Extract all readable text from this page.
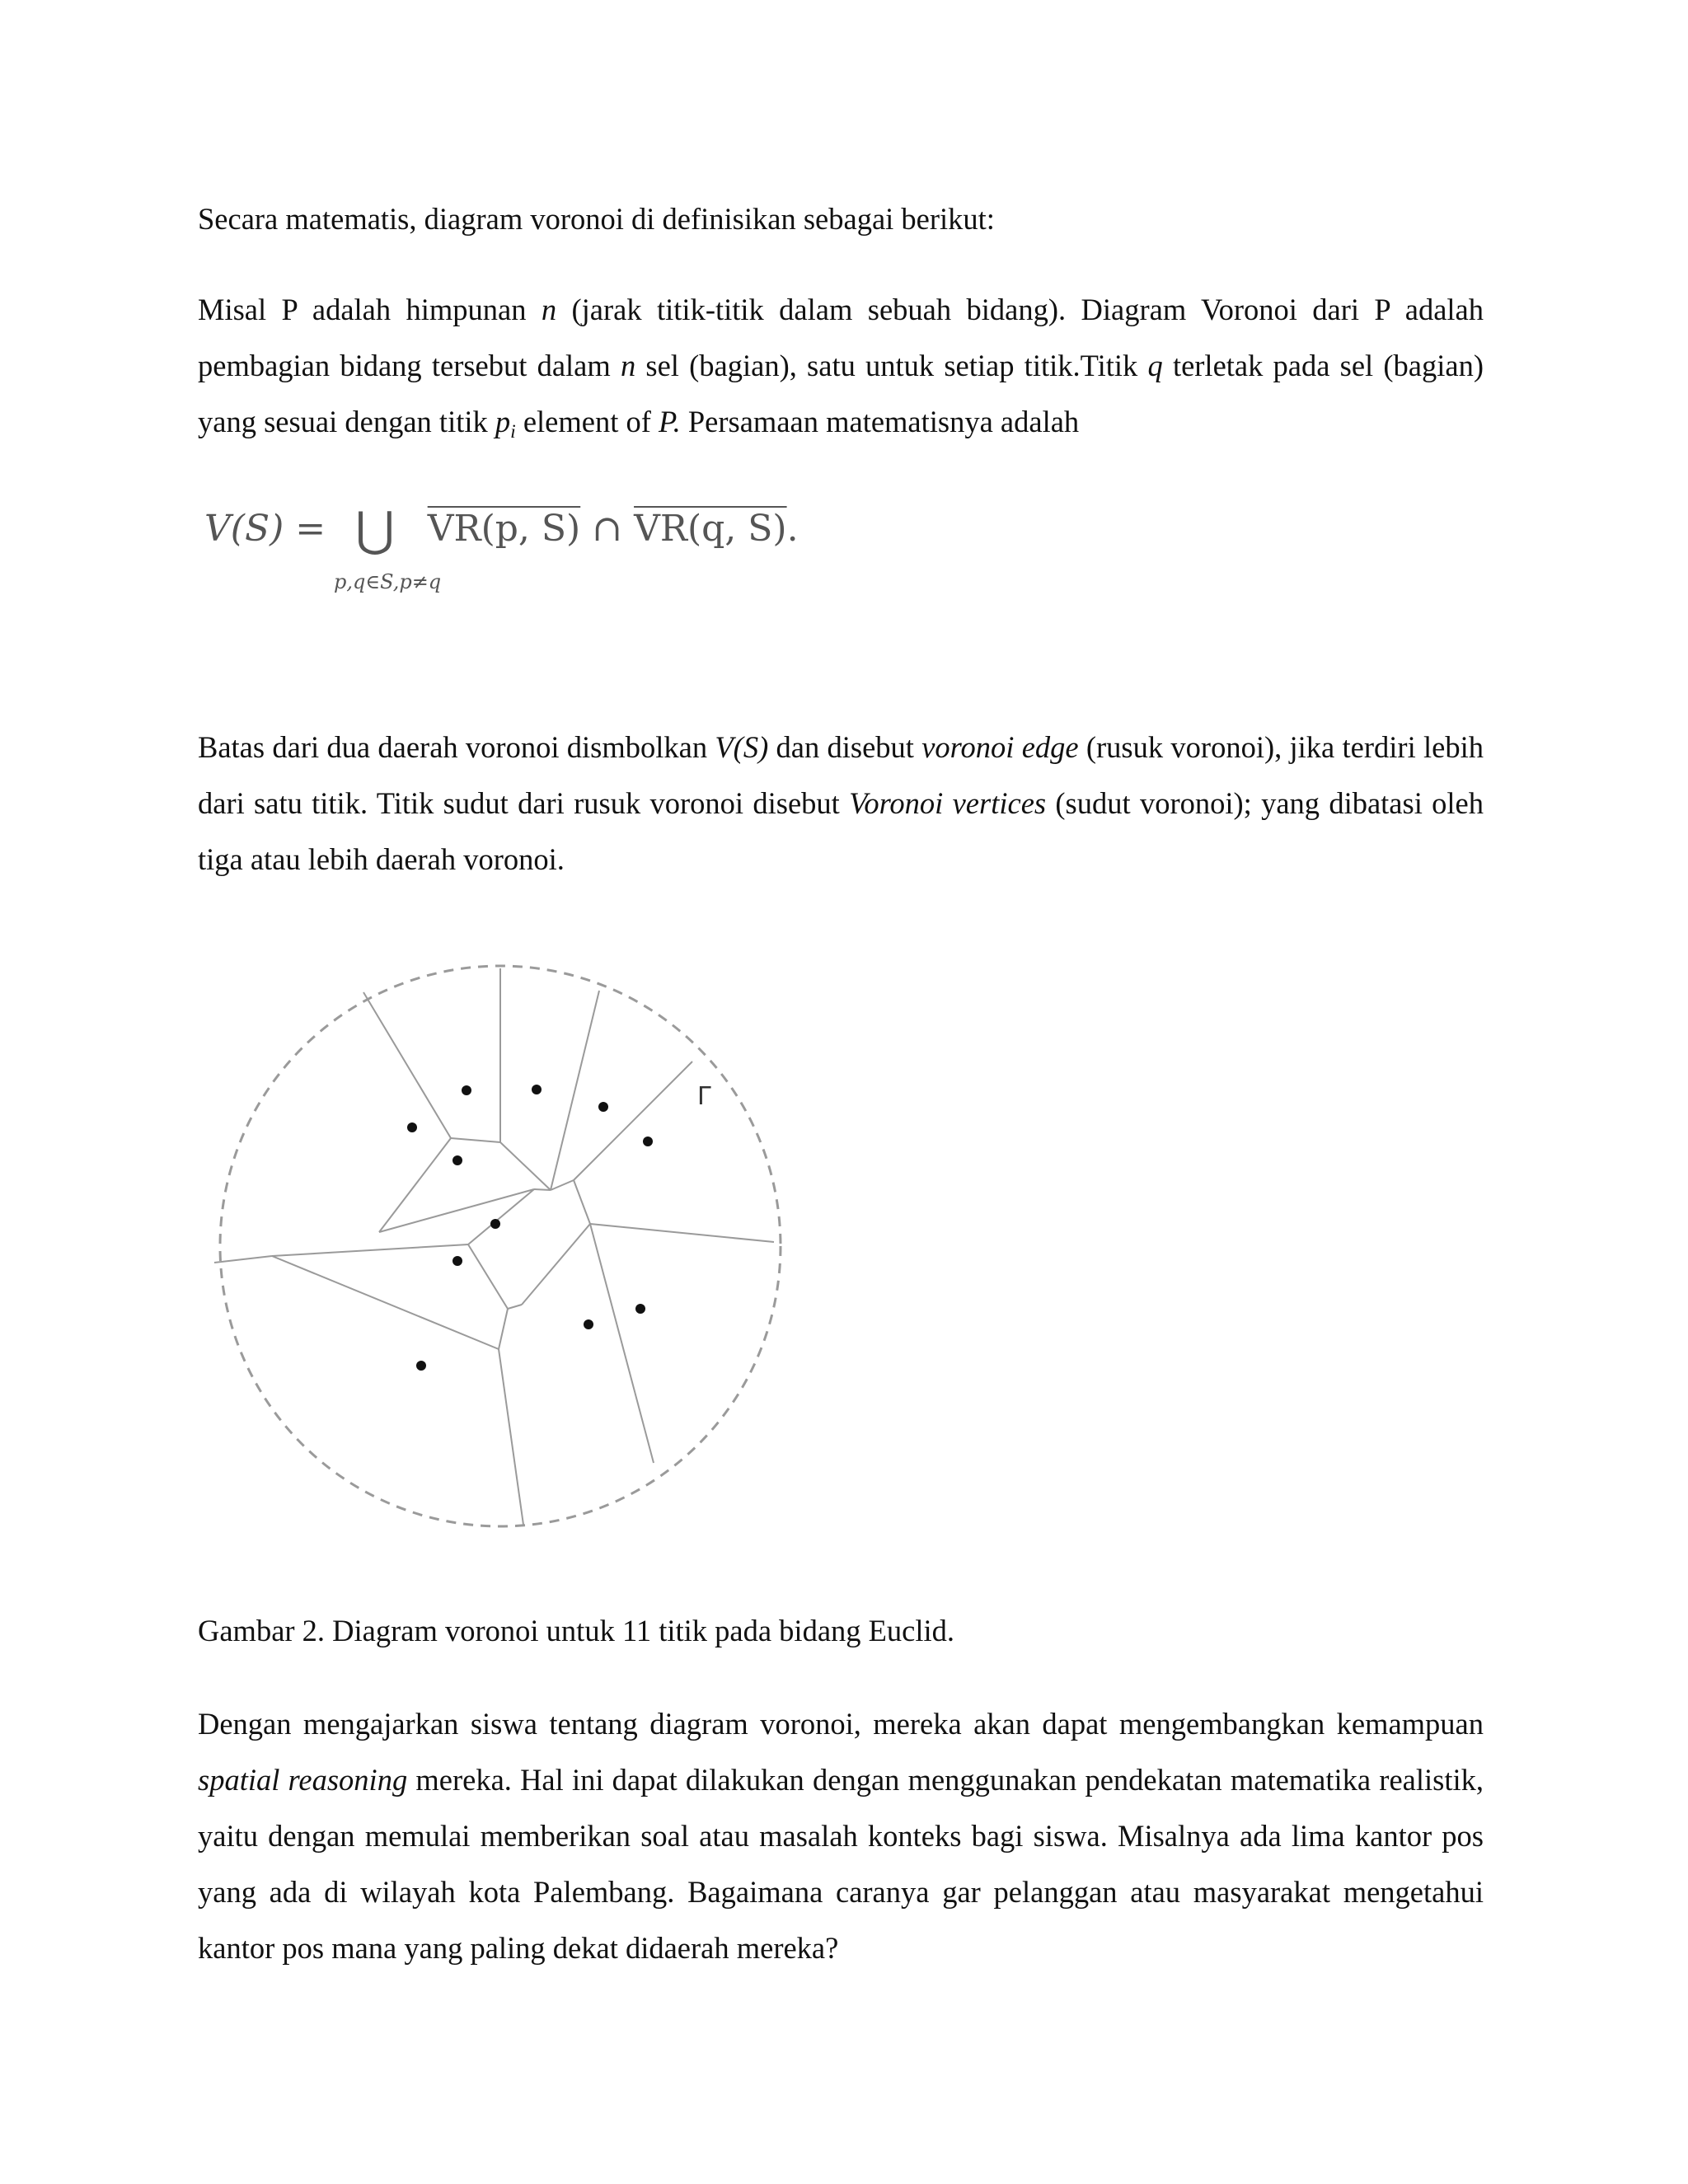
Secara matematis, diagram voronoi di definisikan sebagai berikut:

Misal P adalah himpunan n (jarak titik-titik dalam sebuah bidang). Diagram Voronoi dari P adalah pembagian bidang tersebut dalam n sel (bagian), satu untuk setiap titik.Titik q terletak pada sel (bagian) yang sesuai dengan titik $p_i$ element of P. Persamaan matematisnya adalah

V(S) = ⋃ VR(p, S) ∩ VR(q, S).
p,q∈S,p≠q

Batas dari dua daerah voronoi dismbolkan V(S) dan disebut voronoi edge (rusuk voronoi), jika terdiri lebih dari satu titik. Titik sudut dari rusuk voronoi disebut Voronoi vertices (sudut voronoi); yang dibatasi oleh tiga atau lebih daerah voronoi.

Γ

Gambar 2. Diagram voronoi untuk 11 titik pada bidang Euclid.

Dengan mengajarkan siswa tentang diagram voronoi, mereka akan dapat mengembangkan kemampuan spatial reasoning mereka. Hal ini dapat dilakukan dengan menggunakan pendekatan matematika realistik, yaitu dengan memulai memberikan soal atau masalah konteks bagi siswa. Misalnya ada lima kantor pos yang ada di wilayah kota Palembang. Bagaimana caranya gar pelanggan atau masyarakat mengetahui kantor pos mana yang paling dekat didaerah mereka?
